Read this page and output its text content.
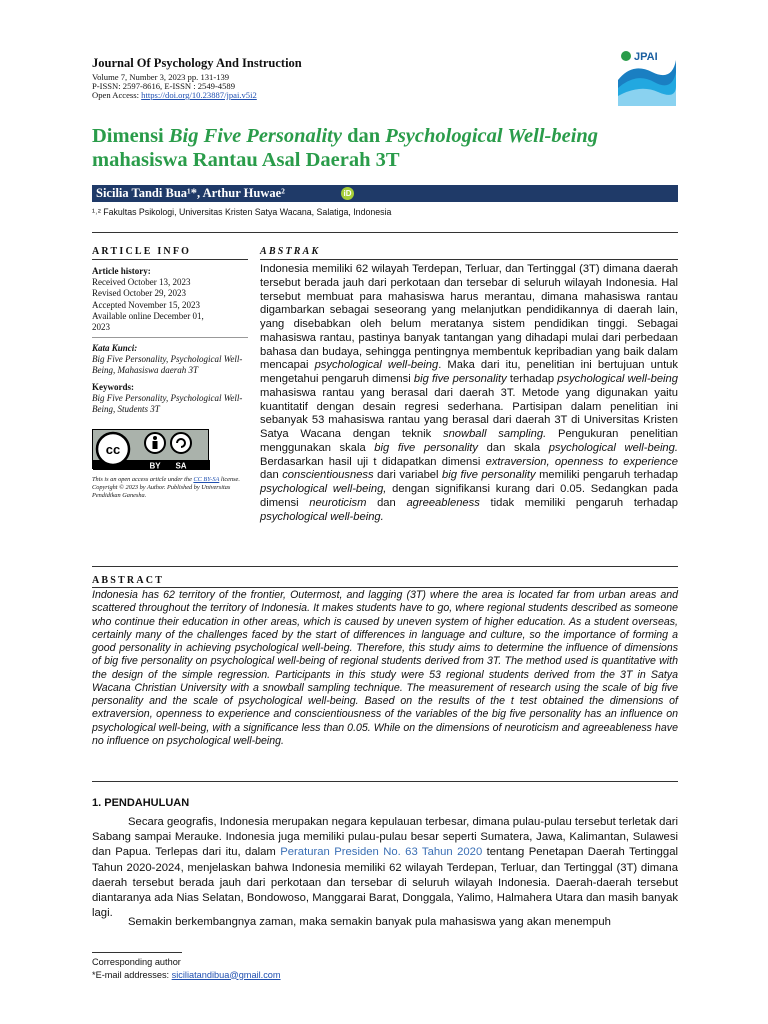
Journal Of Psychology And Instruction
Volume 7, Number 3, 2023 pp. 131-139
P-ISSN: 2597-8616, E-ISSN : 2549-4589
Open Access: https://doi.org/10.23887/jpai.v5i2
JPAI
Dimensi Big Five Personality dan Psychological Well-being
mahasiswa Rantau Asal Daerah 3T
Sicilia Tandi Bua¹*, Arthur Huwae²	iD
¹˒² Fakultas Psikologi, Universitas Kristen Satya Wacana, Salatiga, Indonesia
ARTICLE INFO
Article history:
Received October 13, 2023
Revised October 29, 2023
Accepted November 15, 2023
Available online December 01,
2023
Kata Kunci:
Big Five Personality, Psychological Well-Being, Mahasiswa daerah 3T
Keywords:
Big Five Personality, Psychological Well-Being, Students 3T
cc
BY SA
This is an open access article under the CC BY-SA license.
Copyright © 2023 by Author. Published by Universitas Pendidikan Ganesha.
ABSTRAK
Indonesia memiliki 62 wilayah Terdepan, Terluar, dan Tertinggal (3T) dimana daerah tersebut berada jauh dari perkotaan dan tersebar di seluruh wilayah Indonesia. Hal tersebut membuat para mahasiswa harus merantau, dimana mahasiswa rantau digambarkan sebagai seseorang yang melanjutkan pendidikannya di daerah lain, yang disebabkan oleh belum meratanya sistem pendidikan tinggi. Sebagai mahasiswa rantau, pastinya banyak tantangan yang dihadapi mulai dari perbedaan bahasa dan budaya, sehingga pentingnya membentuk kepribadian yang baik dalam mencapai psychological well-being. Maka dari itu, penelitian ini bertujuan untuk mengetahui pengaruh dimensi big five personality terhadap psychological well-being mahasiswa rantau yang berasal dari daerah 3T. Metode yang digunakan yaitu kuantitatif dengan desain regresi sederhana. Partisipan dalam penelitian ini sebanyak 53 mahasiswa rantau yang berasal dari daerah 3T di Universitas Kristen Satya Wacana dengan teknik snowball sampling. Pengukuran penelitian menggunakan skala big five personality dan skala psychological well-being. Berdasarkan hasil uji t didapatkan dimensi extraversion, openness to experience dan conscientiousness dari variabel big five personality memiliki pengaruh terhadap psychological well-being, dengan signifikansi kurang dari 0.05. Sedangkan pada dimensi neuroticism dan agreeableness tidak memiliki pengaruh terhadap psychological well-being.
ABSTRACT
Indonesia has 62 territory of the frontier, Outermost, and lagging (3T) where the area is located far from urban areas and scattered throughout the territory of Indonesia. It makes students have to go, where regional students described as someone who continue their education in other areas, which is caused by uneven system of higher education. As a student overseas, certainly many of the challenges faced by the start of differences in language and culture, so the importance of forming a good personality in achieving psychological well-being. Therefore, this study aims to determine the influence of dimensions of big five personality on psychological well-being of regional students derived from 3T. The method used is quantitative with the design of the simple regression. Participants in this study were 53 regional students derived from the 3T in Satya Wacana Christian University with a snowball sampling technique. The measurement of research using the scale of big five personality and the scale of psychological well-being. Based on the results of the t test obtained the dimensions of extraversion, openness to experience and conscientiousness of the variables of the big five personality has an influence on psychological well-being, with a significance less than 0.05. While on the dimensions of neuroticism and agreeableness have no influence on psychological well-being.
1. PENDAHULUAN
Secara geografis, Indonesia merupakan negara kepulauan terbesar, dimana pulau-pulau tersebut terletak dari Sabang sampai Merauke. Indonesia juga memiliki pulau-pulau besar seperti Sumatera, Jawa, Kalimantan, Sulawesi dan Papua. Terlepas dari itu, dalam Peraturan Presiden No. 63 Tahun 2020 tentang Penetapan Daerah Tertinggal Tahun 2020-2024, menjelaskan bahwa Indonesia memiliki 62 wilayah Terdepan, Terluar, dan Tertinggal (3T) dimana daerah tersebut berada jauh dari perkotaan dan tersebar di seluruh wilayah Indonesia. Daerah-daerah tersebut diantaranya ada Nias Selatan, Bondowoso, Manggarai Barat, Donggala, Yalimo, Halmahera Utara dan masih banyak lagi.
Semakin berkembangnya zaman, maka semakin banyak pula mahasiswa yang akan menempuh
Corresponding author
*E-mail addresses: siciliatandibua@gmail.com
